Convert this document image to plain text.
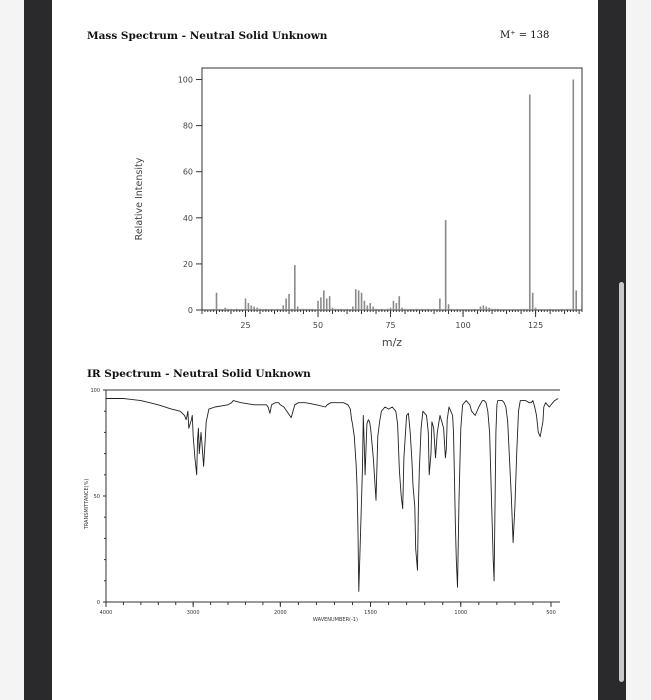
Mass Spectrum - Neutral Solid Unknown	M⁺ = 138
0
20
40
60
80
100
25	50	75	100	125
m/z
Relative Intensity
IR Spectrum - Neutral Solid Unknown
0
50
100
4000	3000	2000	1500	1000	500
WAVENUMBER(-1)
TRANSMITTANCE(%)
